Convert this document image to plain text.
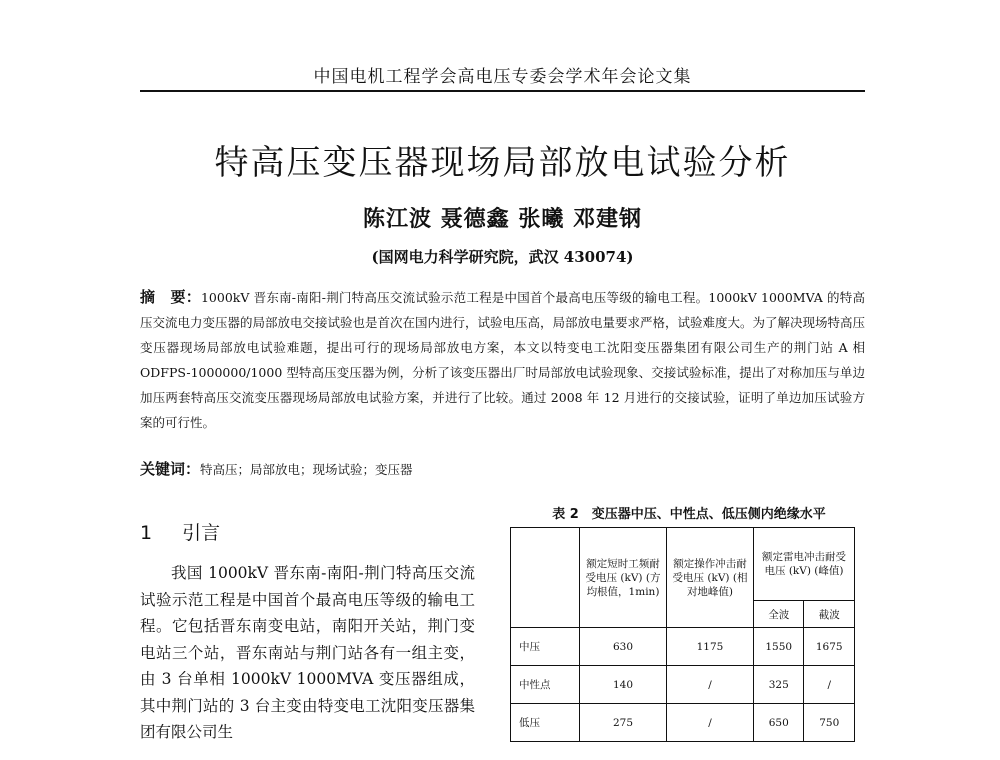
中国电机工程学会高电压专委会学术年会论文集
特高压变压器现场局部放电试验分析
陈江波 聂德鑫 张曦 邓建钢
(国网电力科学研究院，武汉 430074)
摘　要：1000kV 晋东南-南阳-荆门特高压交流试验示范工程是中国首个最高电压等级的输电工程。1000kV 1000MVA 的特高压交流电力变压器的局部放电交接试验也是首次在国内进行，试验电压高，局部放电量要求严格，试验难度大。为了解决现场特高压变压器现场局部放电试验难题，提出可行的现场局部放电方案，本文以特变电工沈阳变压器集团有限公司生产的荆门站 A 相 ODFPS-1000000/1000 型特高压变压器为例，分析了该变压器出厂时局部放电试验现象、交接试验标准，提出了对称加压与单边加压两套特高压交流变压器现场局部放电试验方案，并进行了比较。通过 2008 年 12 月进行的交接试验，证明了单边加压试验方案的可行性。
关键词：特高压；局部放电；现场试验；变压器
1 引言
我国 1000kV 晋东南-南阳-荆门特高压交流试验示范工程是中国首个最高电压等级的输电工程。它包括晋东南变电站，南阳开关站，荆门变电站三个站，晋东南站与荆门站各有一组主变，由 3 台单相 1000kV 1000MVA 变压器组成，其中荆门站的 3 台主变由特变电工沈阳变压器集团有限公司生
表 2　变压器中压、中性点、低压侧内绝缘水平
	额定短时工频耐受电压 (kV) (方均根值，1min)	额定操作冲击耐受电压 (kV) (相对地峰值)	额定雷电冲击耐受电压 (kV) (峰值)	
			全波	截波
中压	630	1175	1550	1675
中性点	140	/	325	/
低压	275	/	650	750
